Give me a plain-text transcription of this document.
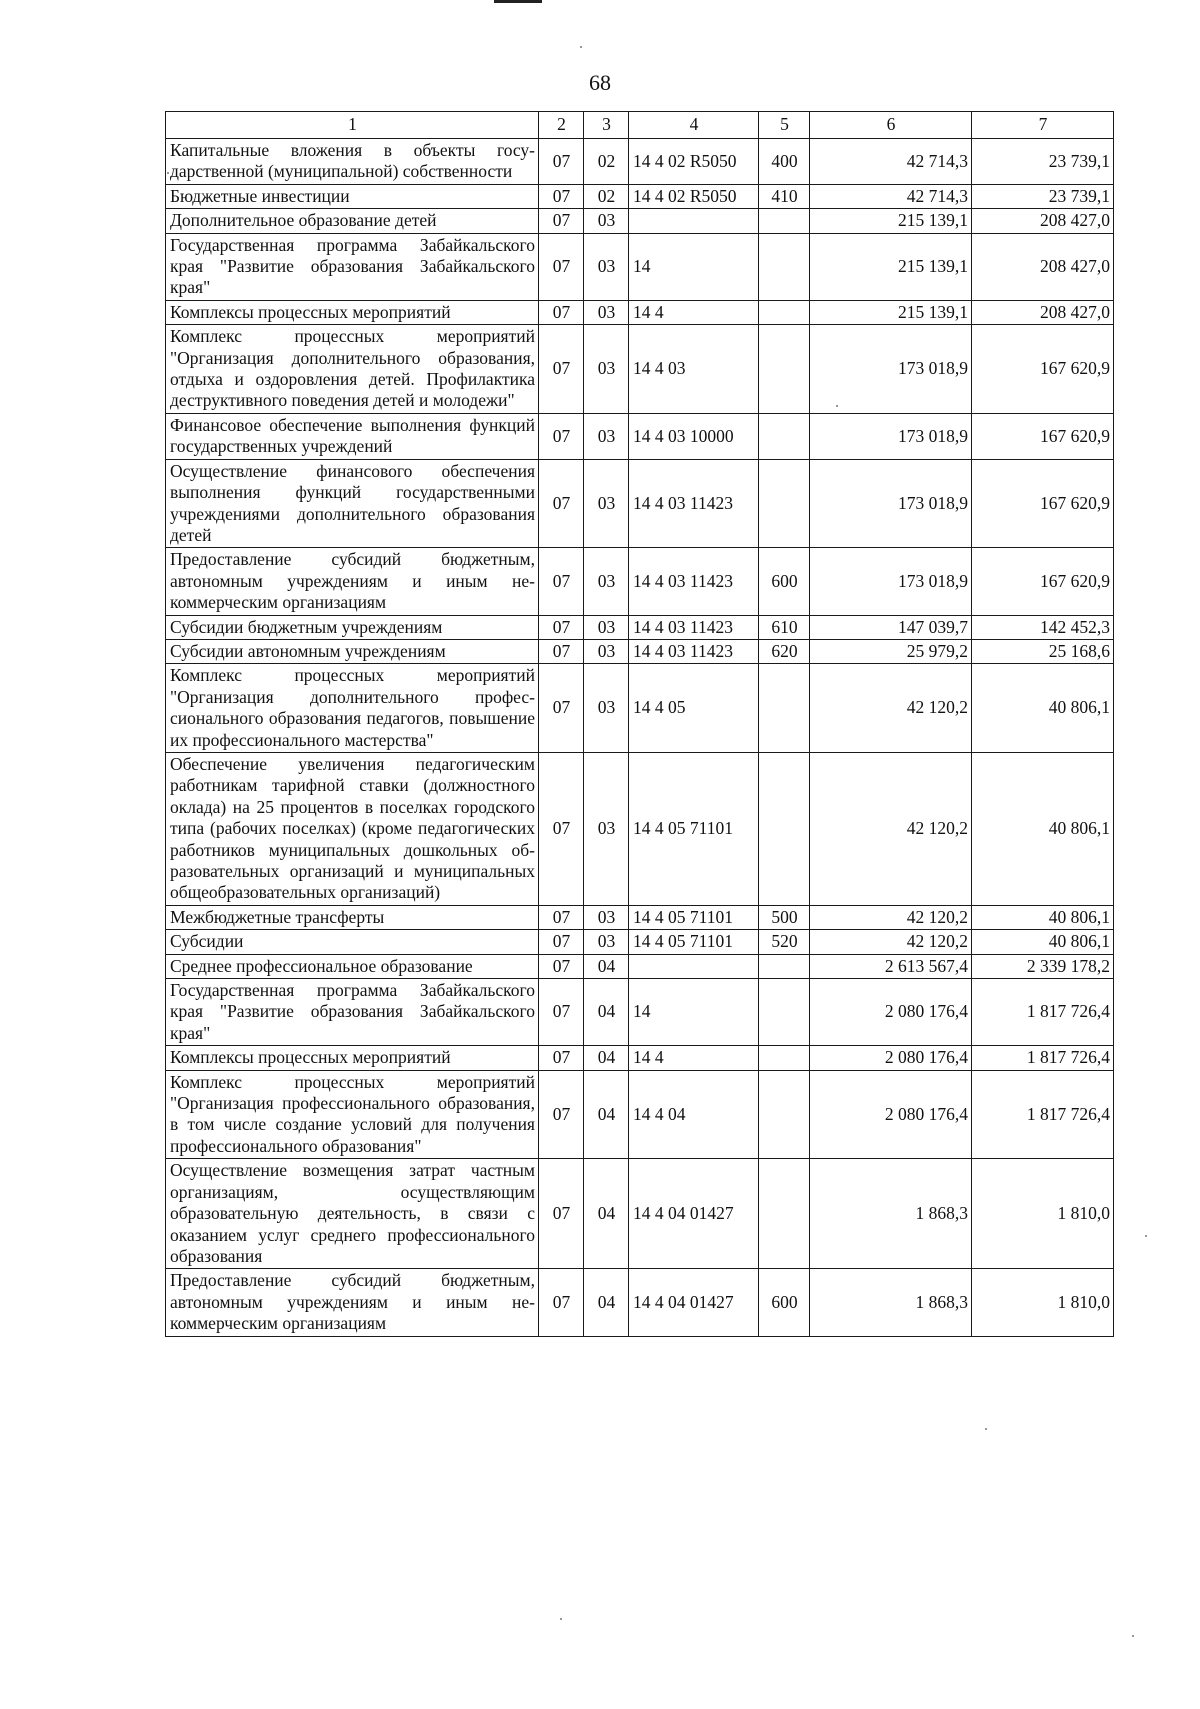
68
1	2	3	4	5	6	7
Капитальные вложения в объекты государственной (муниципальной) собственности	07	02	14 4 02 R5050	400	42 714,3	23 739,1
Бюджетные инвестиции	07	02	14 4 02 R5050	410	42 714,3	23 739,1
Дополнительное образование детей	07	03			215 139,1	208 427,0
Государственная программа Забайкальского края "Развитие образования Забайкальского края"	07	03	14		215 139,1	208 427,0
Комплексы процессных мероприятий	07	03	14 4		215 139,1	208 427,0
Комплекс процессных мероприятий "Организация дополнительного образования, отдыха и оздоровления детей. Профилактика деструктивного поведения детей и молодежи"	07	03	14 4 03		173 018,9	167 620,9
Финансовое обеспечение выполнения функций государственных учреждений	07	03	14 4 03 10000		173 018,9	167 620,9
Осуществление финансового обеспечения выполнения функций государственными учреждениями дополнительного образования детей	07	03	14 4 03 11423		173 018,9	167 620,9
Предоставление субсидий бюджетным, автономным учреждениям и иным некоммерческим организациям	07	03	14 4 03 11423	600	173 018,9	167 620,9
Субсидии бюджетным учреждениям	07	03	14 4 03 11423	610	147 039,7	142 452,3
Субсидии автономным учреждениям	07	03	14 4 03 11423	620	25 979,2	25 168,6
Комплекс процессных мероприятий "Организация дополнительного профессионального образования педагогов, повышение их профессионального мастерства"	07	03	14 4 05		42 120,2	40 806,1
Обеспечение увеличения педагогическим работникам тарифной ставки (должностного оклада) на 25 процентов в поселках городского типа (рабочих поселках) (кроме педагогических работников муниципальных дошкольных образовательных организаций и муниципальных общеобразовательных организаций)	07	03	14 4 05 71101		42 120,2	40 806,1
Межбюджетные трансферты	07	03	14 4 05 71101	500	42 120,2	40 806,1
Субсидии	07	03	14 4 05 71101	520	42 120,2	40 806,1
Среднее профессиональное образование	07	04			2 613 567,4	2 339 178,2
Государственная программа Забайкальского края "Развитие образования Забайкальского края"	07	04	14		2 080 176,4	1 817 726,4
Комплексы процессных мероприятий	07	04	14 4		2 080 176,4	1 817 726,4
Комплекс процессных мероприятий "Организация профессионального образования, в том числе создание условий для получения профессионального образования"	07	04	14 4 04		2 080 176,4	1 817 726,4
Осуществление возмещения затрат частным организациям, осуществляющим образовательную деятельность, в связи с оказанием услуг среднего профессионального образования	07	04	14 4 04 01427		1 868,3	1 810,0
Предоставление субсидий бюджетным, автономным учреждениям и иным некоммерческим организациям	07	04	14 4 04 01427	600	1 868,3	1 810,0
